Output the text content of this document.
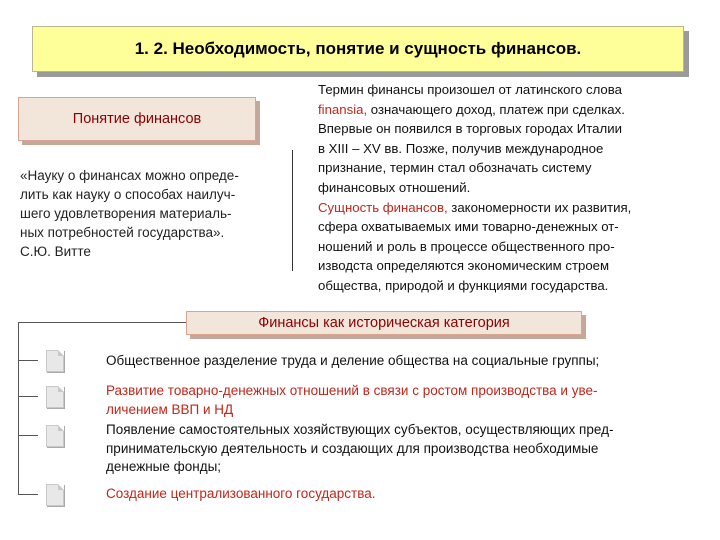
1. 2. Необходимость, понятие и сущность финансов.
Понятие финансов
«Науку о финансах можно опреде-
лить как науку о способах наилуч-
шего удовлетворения материаль-
ных потребностей государства».
С.Ю. Витте

Термин финансы произошел от латинского слова

finansia, означающего доход, платеж при сделках.

Впервые он появился в торговых городах Италии

в XIII – XV вв. Позже, получив международное

признание, термин стал обозначать систему

финансовых отношений.

Сущность финансов, закономерности их развития,

сфера охватываемых ими товарно-денежных от-

ношений и роль в процессе общественного про-

изводста определяются экономическим строем

общества, природой и функциями государства.

Финансы как историческая категория
Общественное разделение труда и деление общества на социальные группы;
Развитие товарно-денежных отношений в связи с ростом производства и уве-
личением ВВП и НД
Появление самостоятельных хозяйствующих субъектов, осуществляющих пред-
принимательскую деятельность и создающих для производства необходимые
денежные фонды;
Создание централизованного государства.
